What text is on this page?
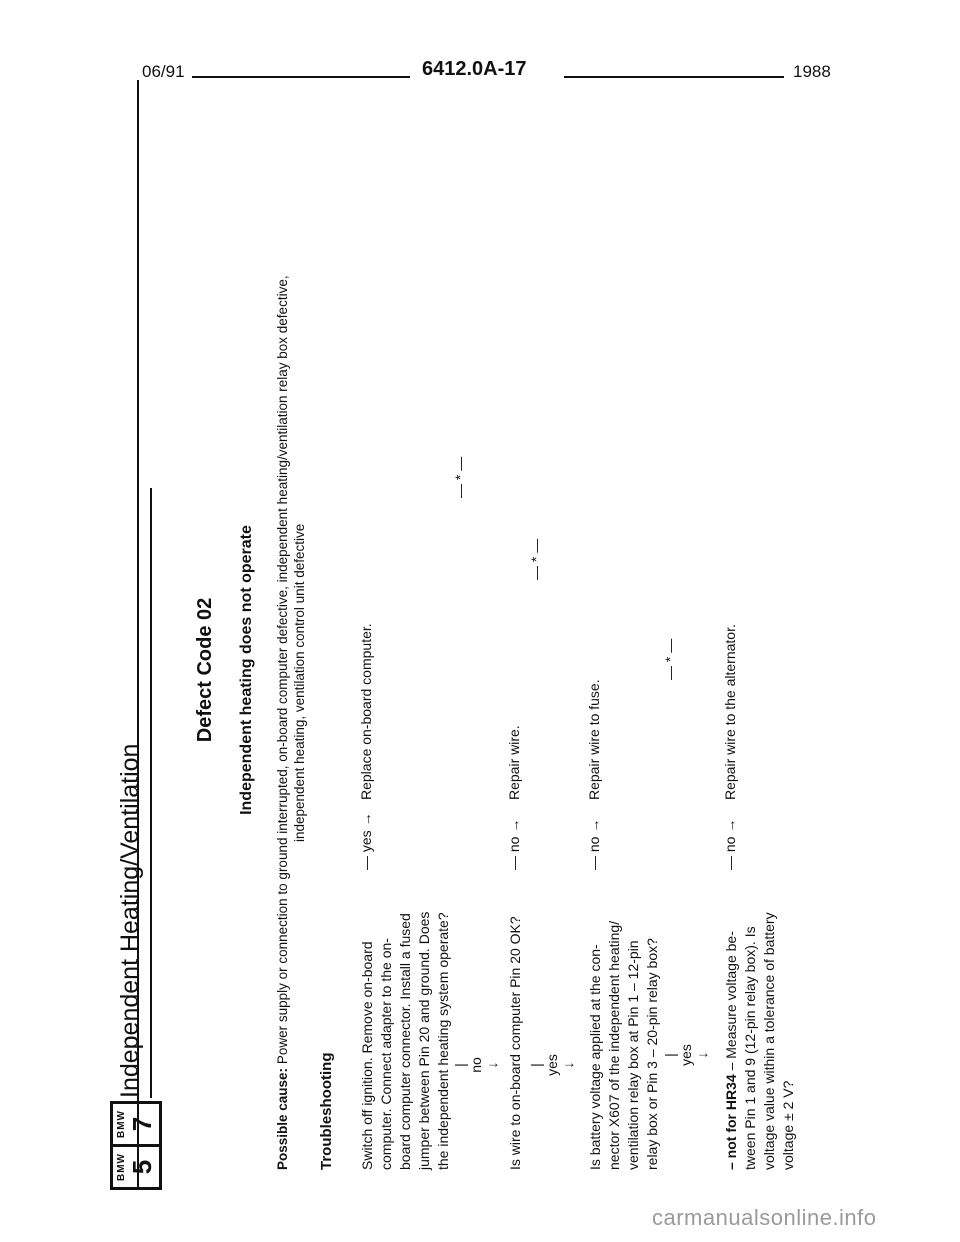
06/91	6412.0A-17	1988
BMW 5
BMW 7
Independent Heating/Ventilation
Defect Code 02 Independent heating does not operate
Possible cause: Power supply or connection to ground interrupted, on-board computer defective, independent heating/ventilation relay box defective, independent heating, ventilation control unit defective
Troubleshooting Switch off ignition. Remove on-board computer. Connect adapter to the on- board computer connector. Install a fused jumper between Pin 20 and ground. Does the independent heating system operate?
— yes →
Replace on-board computer.
| no ↓
— * —
Is wire to on-board computer Pin 20 OK?
— no →
Repair wire.
| yes ↓
— * —
Is battery voltage applied at the con- nector X607 of the independent heating/ ventilation relay box at Pin 1 – 12-pin relay box or Pin 3 – 20-pin relay box?
— no →
Repair wire to fuse.
| yes ↓
— * —
– not for HR34 – Measure voltage be- tween Pin 1 and 9 (12-pin relay box). Is voltage value within a tolerance of battery voltage ± 2 V?
— no →
Repair wire to the alternator.
carmanualsonline.info
